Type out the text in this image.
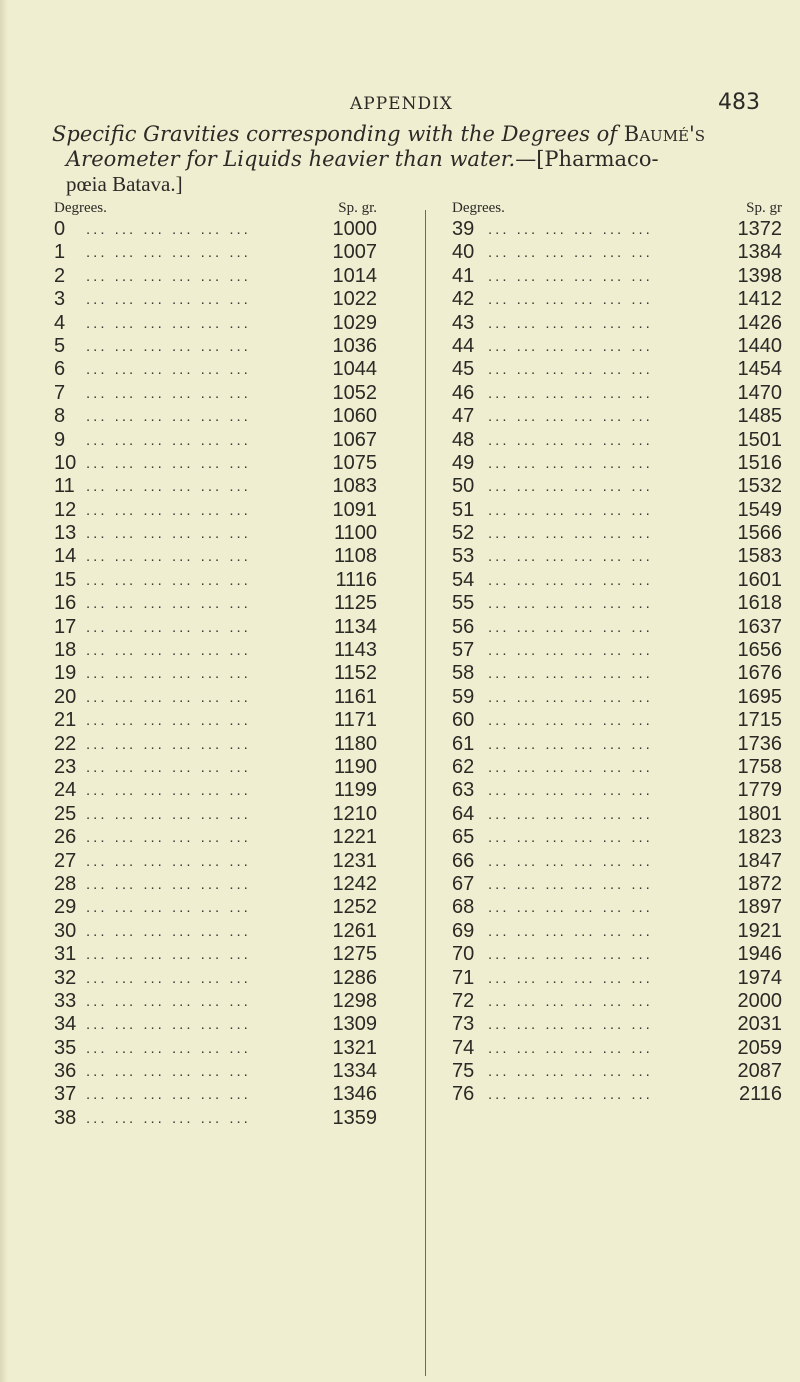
APPENDIX	483
Specific Gravities corresponding with the Degrees of Baumé's
Areometer for Liquids heavier than water.—[Pharmaco-
pœia Batava.]
Degrees.	Sp. gr.
0 ... ... ... ... ... ...	1000
1 ... ... ... ... ... ...	1007
2 ... ... ... ... ... ...	1014
3 ... ... ... ... ... ...	1022
4 ... ... ... ... ... ...	1029
5 ... ... ... ... ... ...	1036
6 ... ... ... ... ... ...	1044
7 ... ... ... ... ... ...	1052
8 ... ... ... ... ... ...	1060
9 ... ... ... ... ... ...	1067
10 ... ... ... ... ... ...	1075
11 ... ... ... ... ... ...	1083
12 ... ... ... ... ... ...	1091
13 ... ... ... ... ... ...	1100
14 ... ... ... ... ... ...	1108
15 ... ... ... ... ... ...	1116
16 ... ... ... ... ... ...	1125
17 ... ... ... ... ... ...	1134
18 ... ... ... ... ... ...	1143
19 ... ... ... ... ... ...	1152
20 ... ... ... ... ... ...	1161
21 ... ... ... ... ... ...	1171
22 ... ... ... ... ... ...	1180
23 ... ... ... ... ... ...	1190
24 ... ... ... ... ... ...	1199
25 ... ... ... ... ... ...	1210
26 ... ... ... ... ... ...	1221
27 ... ... ... ... ... ...	1231
28 ... ... ... ... ... ...	1242
29 ... ... ... ... ... ...	1252
30 ... ... ... ... ... ...	1261
31 ... ... ... ... ... ...	1275
32 ... ... ... ... ... ...	1286
33 ... ... ... ... ... ...	1298
34 ... ... ... ... ... ...	1309
35 ... ... ... ... ... ...	1321
36 ... ... ... ... ... ...	1334
37 ... ... ... ... ... ...	1346
38 ... ... ... ... ... ...	1359
Degrees.	Sp. gr
39 ... ... ... ... ... ...	1372
40 ... ... ... ... ... ...	1384
41 ... ... ... ... ... ...	1398
42 ... ... ... ... ... ...	1412
43 ... ... ... ... ... ...	1426
44 ... ... ... ... ... ...	1440
45 ... ... ... ... ... ...	1454
46 ... ... ... ... ... ...	1470
47 ... ... ... ... ... ...	1485
48 ... ... ... ... ... ...	1501
49 ... ... ... ... ... ...	1516
50 ... ... ... ... ... ...	1532
51 ... ... ... ... ... ...	1549
52 ... ... ... ... ... ...	1566
53 ... ... ... ... ... ...	1583
54 ... ... ... ... ... ...	1601
55 ... ... ... ... ... ...	1618
56 ... ... ... ... ... ...	1637
57 ... ... ... ... ... ...	1656
58 ... ... ... ... ... ...	1676
59 ... ... ... ... ... ...	1695
60 ... ... ... ... ... ...	1715
61 ... ... ... ... ... ...	1736
62 ... ... ... ... ... ...	1758
63 ... ... ... ... ... ...	1779
64 ... ... ... ... ... ...	1801
65 ... ... ... ... ... ...	1823
66 ... ... ... ... ... ...	1847
67 ... ... ... ... ... ...	1872
68 ... ... ... ... ... ...	1897
69 ... ... ... ... ... ...	1921
70 ... ... ... ... ... ...	1946
71 ... ... ... ... ... ...	1974
72 ... ... ... ... ... ...	2000
73 ... ... ... ... ... ...	2031
74 ... ... ... ... ... ...	2059
75 ... ... ... ... ... ...	2087
76 ... ... ... ... ... ...	2116
